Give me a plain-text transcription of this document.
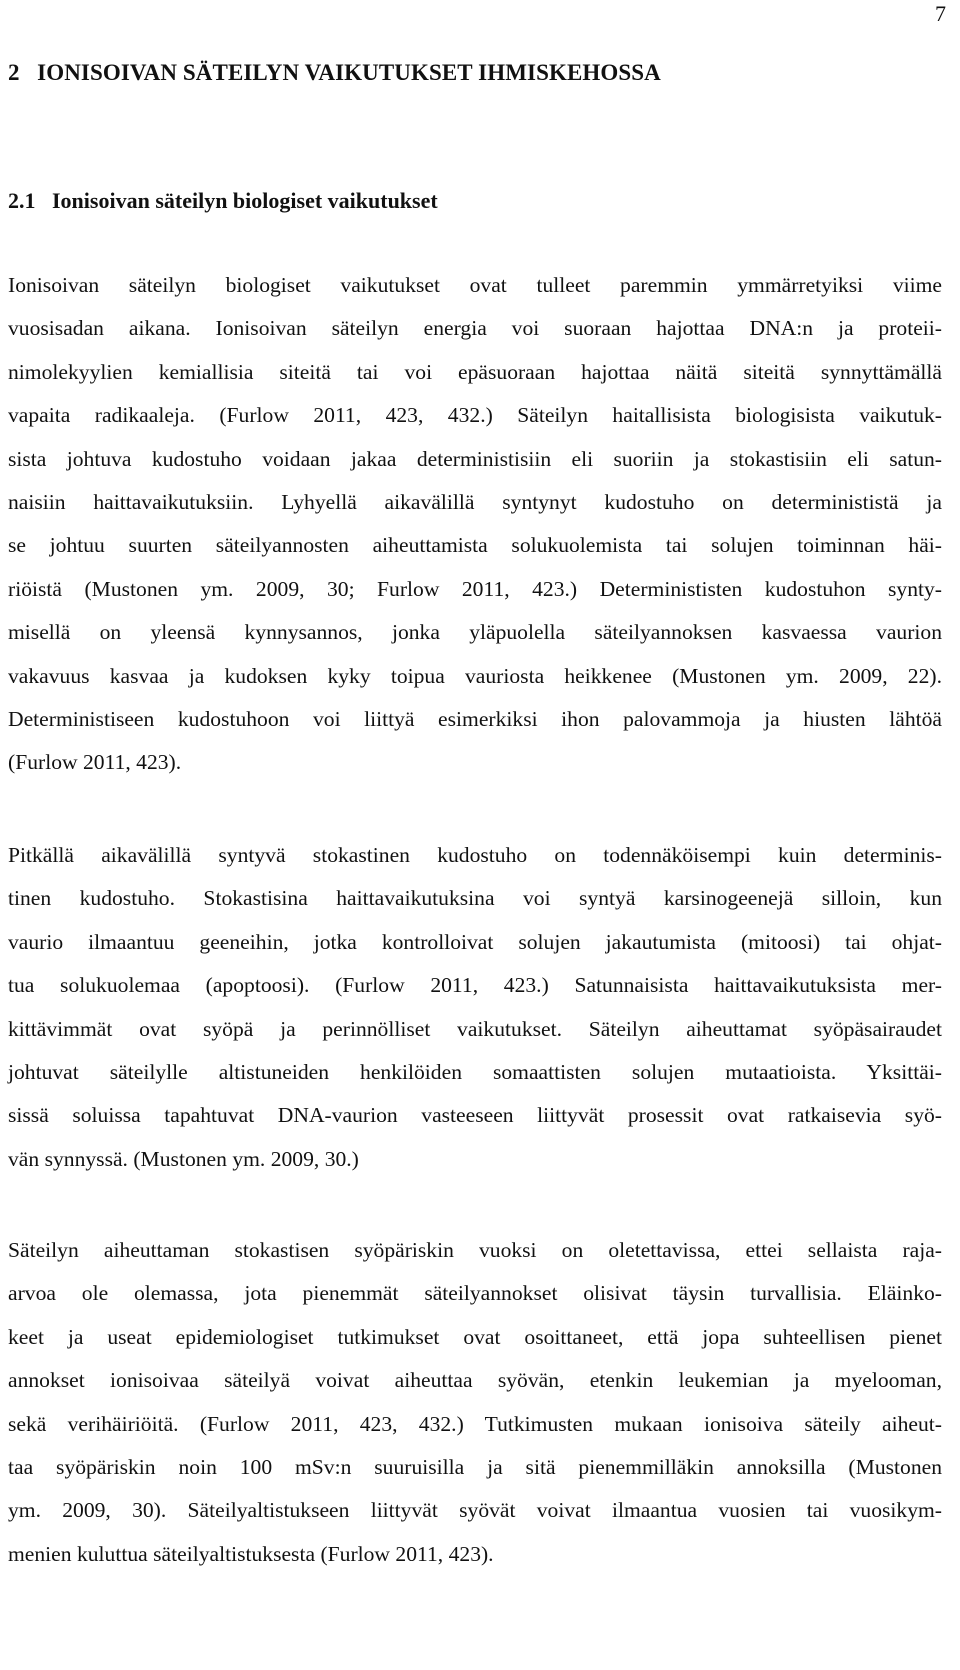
7
2   IONISOIVAN SÄTEILYN VAIKUTUKSET IHMISKEHOSSA
2.1   Ionisoivan säteilyn biologiset vaikutukset

Ionisoivan säteilyn biologiset vaikutukset ovat tulleet paremmin ymmärretyiksi viime
vuosisadan aikana. Ionisoivan säteilyn energia voi suoraan hajottaa DNA:n ja proteii-
nimolekyylien kemiallisia siteitä tai voi epäsuoraan hajottaa näitä siteitä synnyttämällä
vapaita radikaaleja. (Furlow 2011, 423, 432.) Säteilyn haitallisista biologisista vaikutuk-
sista johtuva kudostuho voidaan jakaa deterministisiin eli suoriin ja stokastisiin eli satun-
naisiin haittavaikutuksiin. Lyhyellä aikavälillä syntynyt kudostuho on determinististä ja
se johtuu suurten säteilyannosten aiheuttamista solukuolemista tai solujen toiminnan häi-
riöistä (Mustonen ym. 2009, 30; Furlow 2011, 423.) Determinististen kudostuhon synty-
misellä on yleensä kynnysannos, jonka yläpuolella säteilyannoksen kasvaessa vaurion
vakavuus kasvaa ja kudoksen kyky toipua vauriosta heikkenee (Mustonen ym. 2009, 22).
Deterministiseen kudostuhoon voi liittyä esimerkiksi ihon palovammoja ja hiusten lähtöä
(Furlow 2011, 423).

Pitkällä aikavälillä syntyvä stokastinen kudostuho on todennäköisempi kuin determinis-
tinen kudostuho. Stokastisina haittavaikutuksina voi syntyä karsinogeenejä silloin, kun
vaurio ilmaantuu geeneihin, jotka kontrolloivat solujen jakautumista (mitoosi) tai ohjat-
tua solukuolemaa (apoptoosi). (Furlow 2011, 423.) Satunnaisista haittavaikutuksista mer-
kittävimmät ovat syöpä ja perinnölliset vaikutukset. Säteilyn aiheuttamat syöpäsairaudet
johtuvat säteilylle altistuneiden henkilöiden somaattisten solujen mutaatioista. Yksittäi-
sissä soluissa tapahtuvat DNA-vaurion vasteeseen liittyvät prosessit ovat ratkaisevia syö-
vän synnyssä. (Mustonen ym. 2009, 30.)

Säteilyn aiheuttaman stokastisen syöpäriskin vuoksi on oletettavissa, ettei sellaista raja-
arvoa ole olemassa, jota pienemmät säteilyannokset olisivat täysin turvallisia. Eläinko-
keet ja useat epidemiologiset tutkimukset ovat osoittaneet, että jopa suhteellisen pienet
annokset ionisoivaa säteilyä voivat aiheuttaa syövän, etenkin leukemian ja myelooman,
sekä verihäiriöitä. (Furlow 2011, 423, 432.) Tutkimusten mukaan ionisoiva säteily aiheut-
taa syöpäriskin noin 100 mSv:n suuruisilla ja sitä pienemmilläkin annoksilla (Mustonen
ym. 2009, 30). Säteilyaltistukseen liittyvät syövät voivat ilmaantua vuosien tai vuosikym-
menien kuluttua säteilyaltistuksesta (Furlow 2011, 423).
